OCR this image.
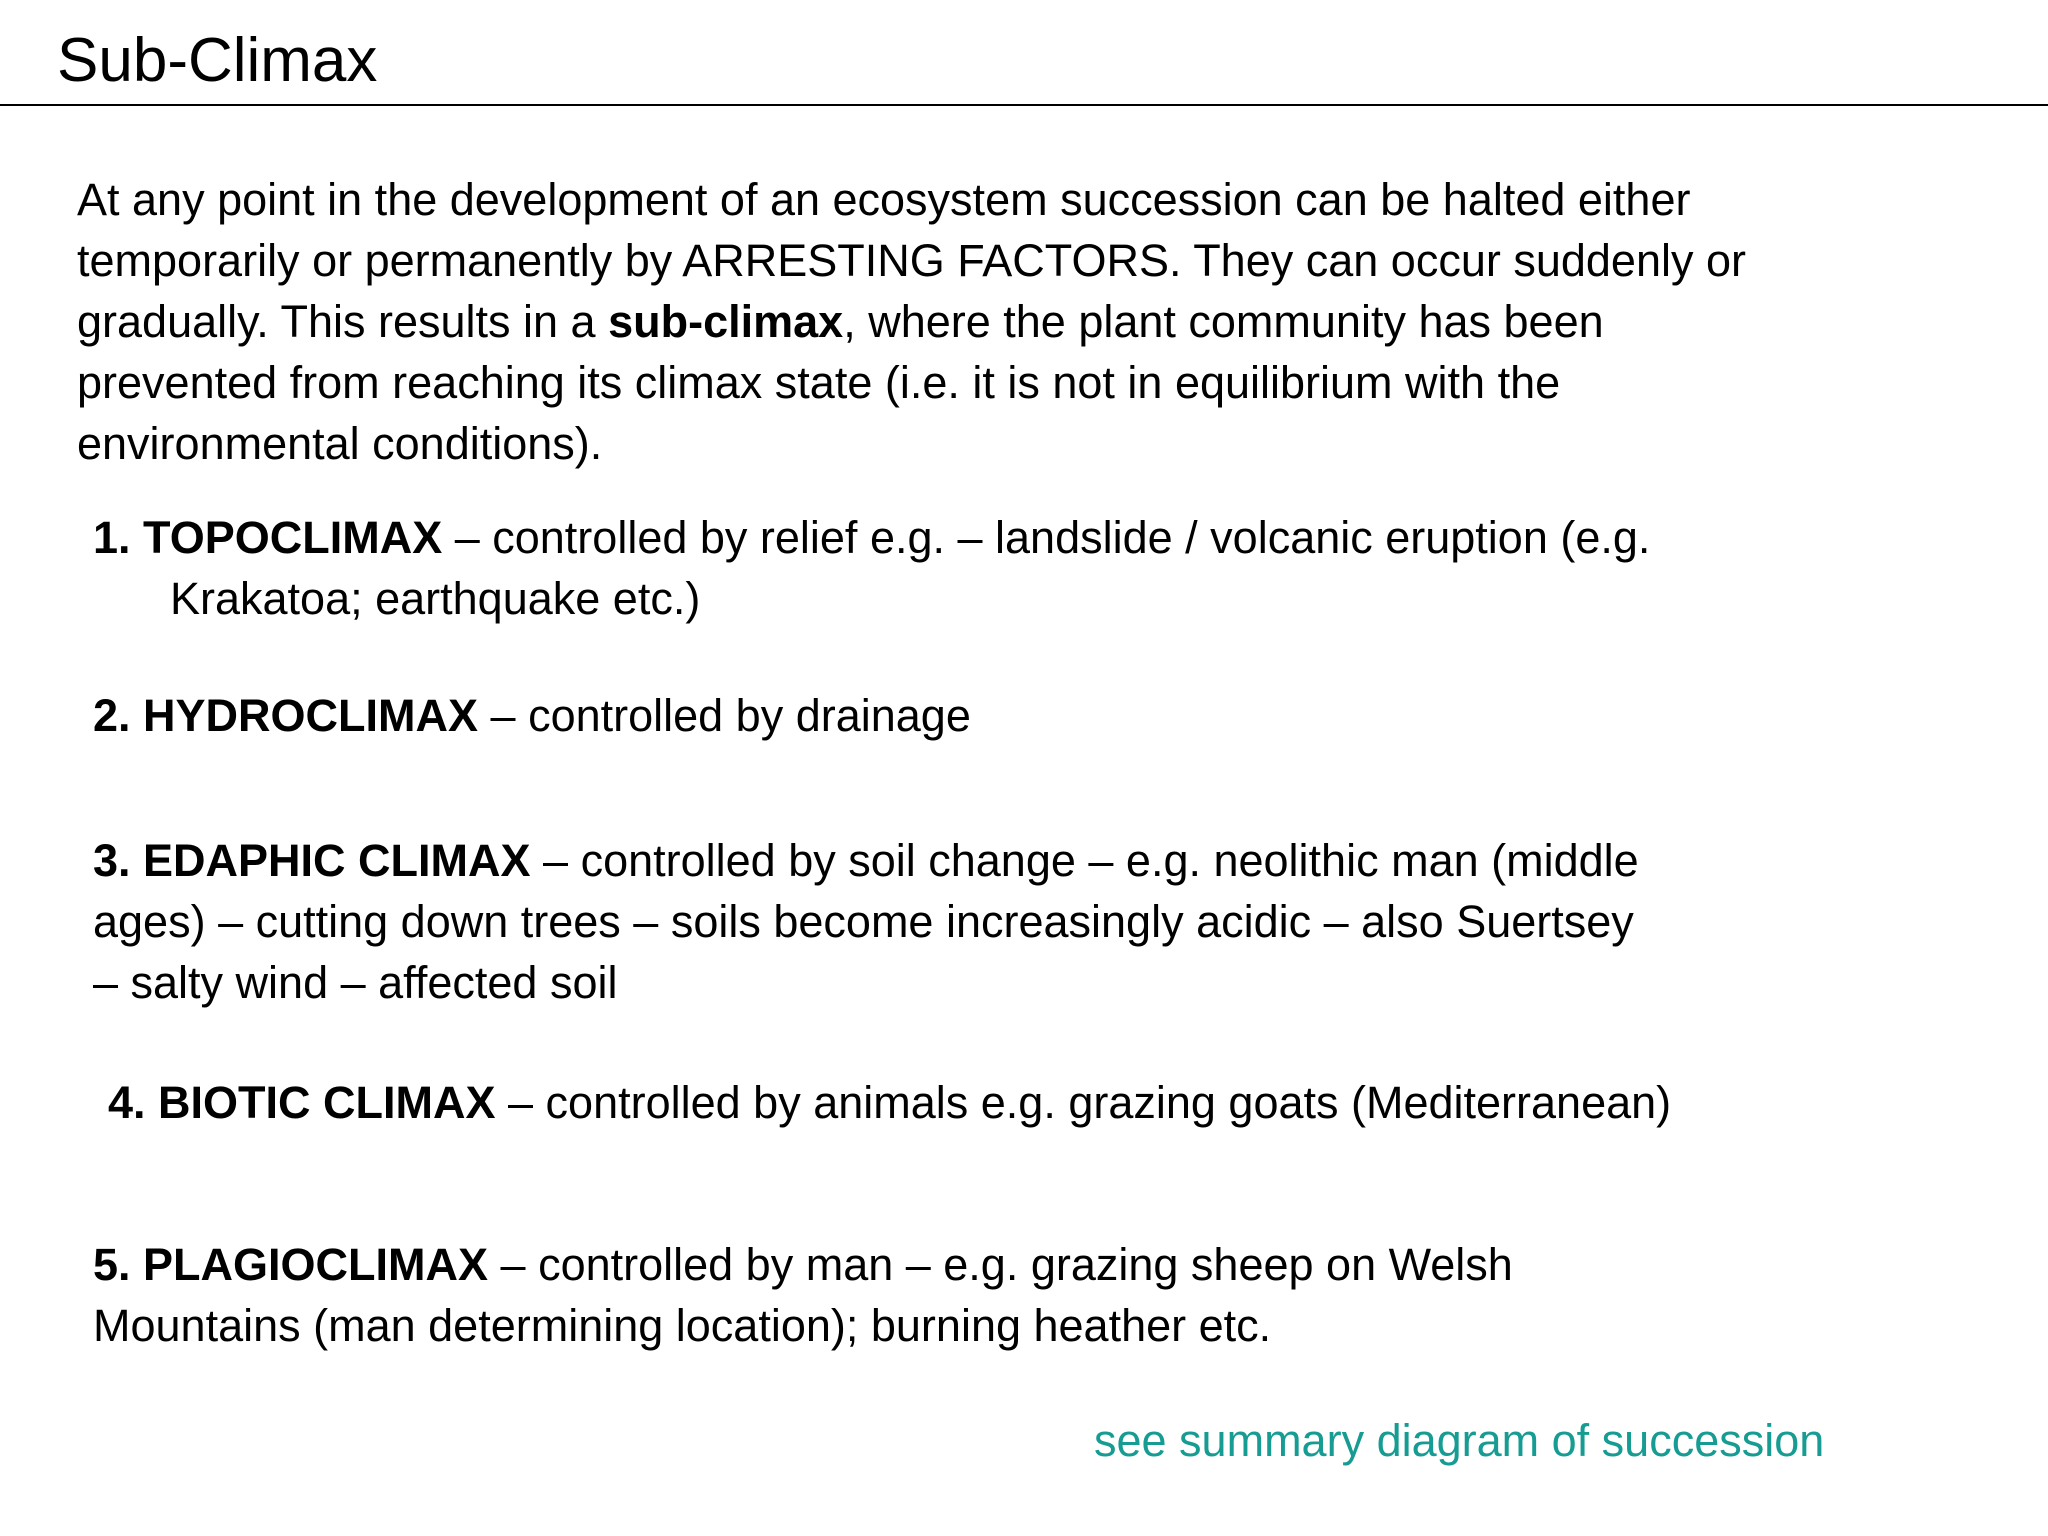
Sub-Climax
At any point in the development of an ecosystem succession can be halted either
temporarily or permanently by ARRESTING FACTORS. They can occur suddenly or
gradually. This results in a sub-climax, where the plant community has been
prevented from reaching its climax state (i.e. it is not in equilibrium with the
environmental conditions).
1. TOPOCLIMAX – controlled by relief e.g. – landslide / volcanic eruption (e.g.
Krakatoa; earthquake etc.)
2. HYDROCLIMAX – controlled by drainage
3. EDAPHIC CLIMAX – controlled by soil change – e.g. neolithic man (middle
ages) – cutting down trees – soils become increasingly acidic – also Suertsey
– salty wind – affected soil
4. BIOTIC CLIMAX – controlled by animals e.g. grazing goats (Mediterranean)
5. PLAGIOCLIMAX – controlled by man – e.g. grazing sheep on Welsh
Mountains (man determining location); burning heather etc.
see summary diagram of succession
